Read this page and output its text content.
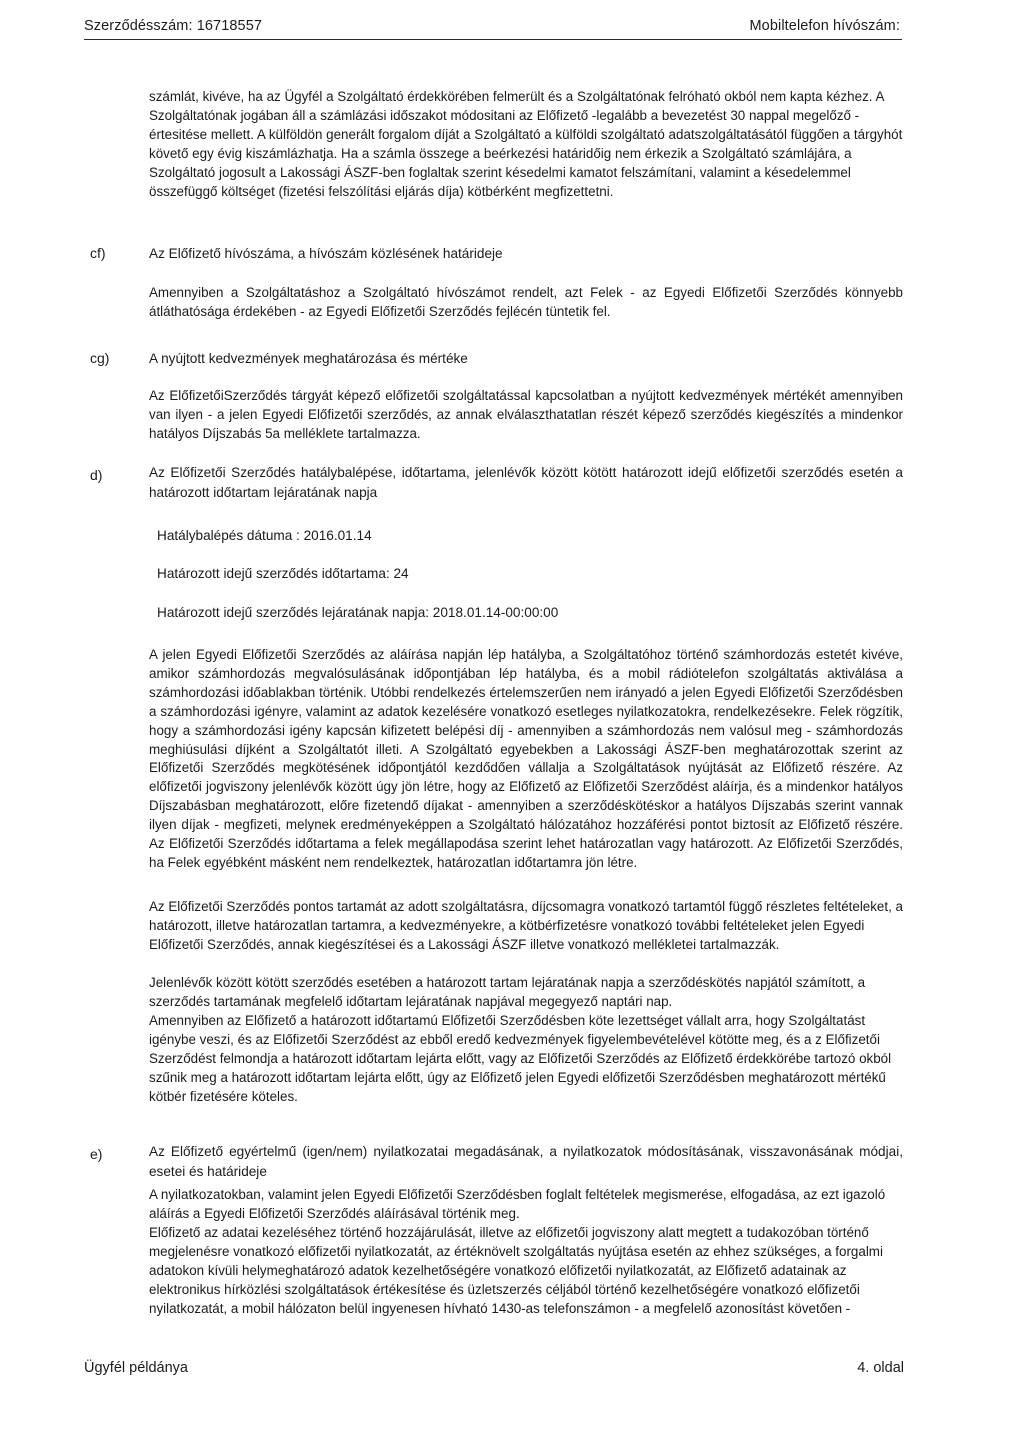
Szerződésszám: 16718557	Mobiltelefon hívószám:

számlát, kivéve, ha az Ügyfél a Szolgáltató érdekkörében felmerült és a Szolgáltatónak felróható okból nem kapta kézhez. A Szolgáltatónak jogában áll a számlázási időszakot módositani az Előfizető -legalább a bevezetést 30 nappal megelőző - értesitése mellett. A külföldön generált forgalom díját a Szolgáltató a külföldi szolgáltató adatszolgáltatásától függően a tárgyhót követő egy évig kiszámlázhatja. Ha a számla összege a beérkezési határidőig nem érkezik a Szolgáltató számlájára, a Szolgáltató jogosult a Lakossági ÁSZF-ben foglaltak szerint késedelmi kamatot felszámítani, valamint a késedelemmel összefüggő költséget (fizetési felszólítási eljárás díja) kötbérként megfizettetni.

cf)	Az Előfizető hívószáma, a hívószám közlésének határideje

Amennyiben a Szolgáltatáshoz a Szolgáltató hívószámot rendelt, azt Felek - az Egyedi Előfizetői Szerződés könnyebb átláthatósága érdekében - az Egyedi Előfizetői Szerződés fejlécén tüntetik fel.

cg)	A nyújtott kedvezmények meghatározása és mértéke

Az ElőfizetőiSzerződés tárgyát képező előfizetői szolgáltatással kapcsolatban a nyújtott kedvezmények mértékét amennyiben van ilyen - a jelen Egyedi Előfizetői szerződés, az annak elválaszthatatlan részét képező szerződés kiegészítés a mindenkor hatályos Díjszabás 5a melléklete tartalmazza.

d)	Az Előfizetői Szerződés hatálybalépése, időtartama, jelenlévők között kötött határozott idejű előfizetői szerződés esetén a határozott időtartam lejáratának napja

Hatálybalépés dátuma : 2016.01.14

Határozott idejű szerződés időtartama: 24

Határozott idejű szerződés lejáratának napja: 2018.01.14-00:00:00

A jelen Egyedi Előfizetői Szerződés az aláírása napján lép hatályba, a Szolgáltatóhoz történő számhordozás estetét kivéve, amikor számhordozás megvalósulásának időpontjában lép hatályba, és a mobil rádiótelefon szolgáltatás aktiválása a számhordozási időablakban történik. Utóbbi rendelkezés értelemszerűen nem irányadó a jelen Egyedi Előfizetői Szerződésben a számhordozási igényre, valamint az adatok kezelésére vonatkozó esetleges nyilatkozatokra, rendelkezésekre. Felek rögzítik, hogy a számhordozási igény kapcsán kifizetett belépési díj - amennyiben a számhordozás nem valósul meg - számhordozás meghiúsulási díjként a Szolgáltatót illeti. A Szolgáltató egyebekben a Lakossági ÁSZF-ben meghatározottak szerint az Előfizetői Szerződés megkötésének időpontjától kezdődően vállalja a Szolgáltatások nyújtását az Előfizető részére. Az előfizetői jogviszony jelenlévők között úgy jön létre, hogy az Előfizető az Előfizetői Szerződést aláírja, és a mindenkor hatályos Díjszabásban meghatározott, előre fizetendő díjakat - amennyiben a szerződéskötéskor a hatályos Díjszabás szerint vannak ilyen díjak - megfizeti, melynek eredményeképpen a Szolgáltató hálózatához hozzáférési pontot biztosít az Előfizető részére. Az Előfizetői Szerződés időtartama a felek megállapodása szerint lehet határozatlan vagy határozott. Az Előfizetői Szerződés, ha Felek egyébként másként nem rendelkeztek, határozatlan időtartamra jön létre.

Az Előfizetői Szerződés pontos tartamát az adott szolgáltatásra, díjcsomagra vonatkozó tartamtól függő részletes feltételeket, a határozott, illetve határozatlan tartamra, a kedvezményekre, a kötbérfizetésre vonatkozó további feltételeket jelen Egyedi Előfizetői Szerződés, annak kiegészítései és a Lakossági ÁSZF illetve vonatkozó mellékletei tartalmazzák.

Jelenlévők között kötött szerződés esetében a határozott tartam lejáratának napja a szerződéskötés napjától számított, a szerződés tartamának megfelelő időtartam lejáratának napjával megegyező naptári nap.

Amennyiben az Előfizető a határozott időtartamú Előfizetői Szerződésben köte lezettséget vállalt arra, hogy Szolgáltatást igénybe veszi, és az Előfizetői Szerződést az ebből eredő kedvezmények figyelembevételével kötötte meg, és a z Előfizetői Szerződést felmondja a határozott időtartam lejárta előtt, vagy az Előfizetői Szerződés az Előfizető érdekkörébe tartozó okból szűnik meg a határozott időtartam lejárta előtt, úgy az Előfizető jelen Egyedi előfizetői Szerződésben meghatározott mértékű kötbér fizetésére köteles.

e)	Az Előfizető egyértelmű (igen/nem) nyilatkozatai megadásának, a nyilatkozatok módosításának, visszavonásának módjai, esetei és határideje

A nyilatkozatokban, valamint jelen Egyedi Előfizetői Szerződésben foglalt feltételek megismerése, elfogadása, az ezt igazoló aláírás a Egyedi Előfizetői Szerződés aláírásával történik meg.

Előfizető az adatai kezeléséhez történő hozzájárulását, illetve az előfizetői jogviszony alatt megtett a tudakozóban történő megjelenésre vonatkozó előfizetői nyilatkozatát, az értéknövelt szolgáltatás nyújtása esetén az ehhez szükséges, a forgalmi adatokon kívüli helymeghatározó adatok kezelhetőségére vonatkozó előfizetői nyilatkozatát, az Előfizető adatainak az elektronikus hírközlési szolgáltatások értékesítése és üzletszerzés céljából történő kezelhetőségére vonatkozó előfizetői nyilatkozatát, a mobil hálózaton belül ingyenesen hívható 1430-as telefonszámon - a megfelelő azonosítást követően -

Ügyfél példánya	4. oldal
